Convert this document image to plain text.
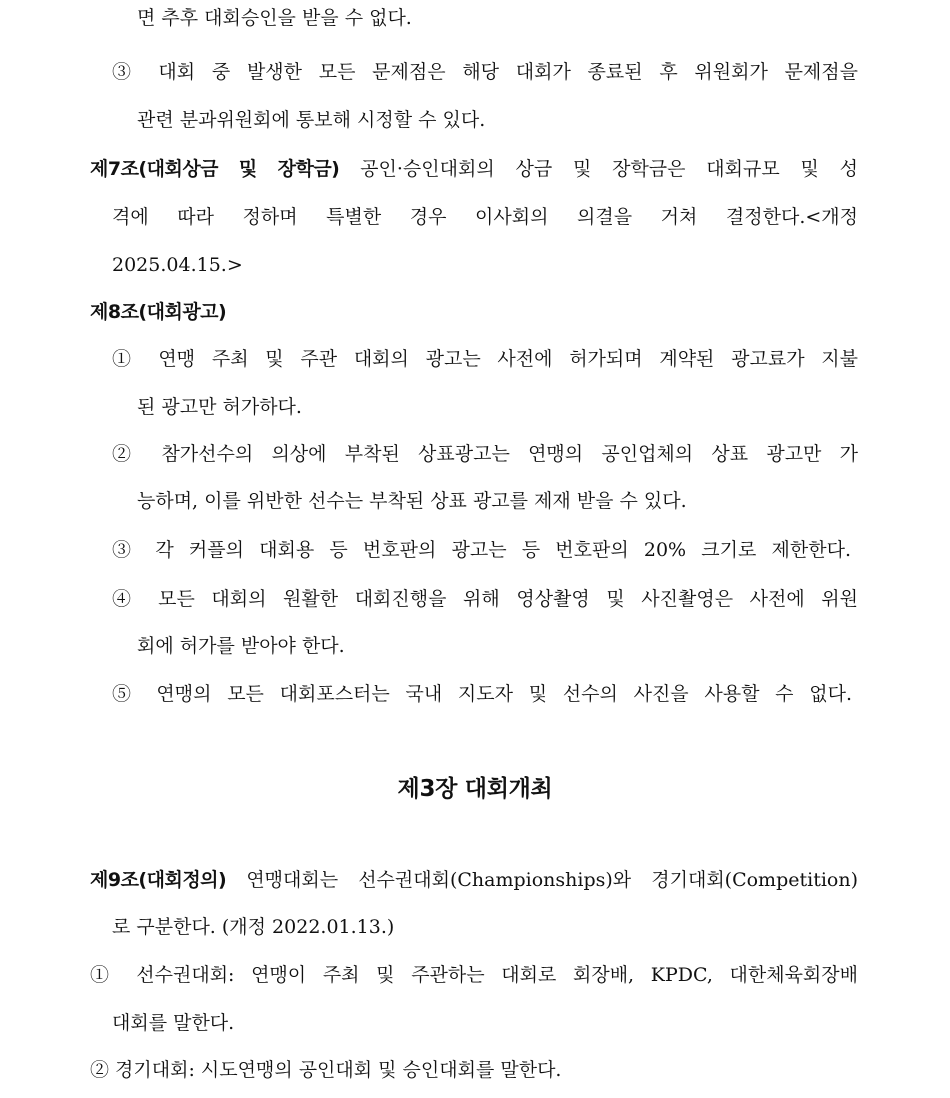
면 추후 대회승인을 받을 수 없다.
③ 대회 중 발생한 모든 문제점은 해당 대회가 종료된 후 위원회가 문제점을
관련 분과위원회에 통보해 시정할 수 있다.
제7조(대회상금 및 장학금) 공인·승인대회의 상금 및 장학금은 대회규모 및 성
격에 따라 정하며 특별한 경우 이사회의 의결을 거쳐 결정한다.<개정
2025.04.15.>
제8조(대회광고)
① 연맹 주최 및 주관 대회의 광고는 사전에 허가되며 계약된 광고료가 지불
된 광고만 허가하다.
② 참가선수의 의상에 부착된 상표광고는 연맹의 공인업체의 상표 광고만 가
능하며, 이를 위반한 선수는 부착된 상표 광고를 제재 받을 수 있다.
③ 각 커플의 대회용 등 번호판의 광고는 등 번호판의 20% 크기로 제한한다.
④ 모든 대회의 원활한 대회진행을 위해 영상촬영 및 사진촬영은 사전에 위원
회에 허가를 받아야 한다.
⑤ 연맹의 모든 대회포스터는 국내 지도자 및 선수의 사진을 사용할 수 없다.
제3장 대회개최
제9조(대회정의) 연맹대회는 선수권대회(Championships)와 경기대회(Competition)
로 구분한다. (개정 2022.01.13.)
① 선수권대회: 연맹이 주최 및 주관하는 대회로 회장배, KPDC, 대한체육회장배
대회를 말한다.
② 경기대회: 시도연맹의 공인대회 및 승인대회를 말한다.
